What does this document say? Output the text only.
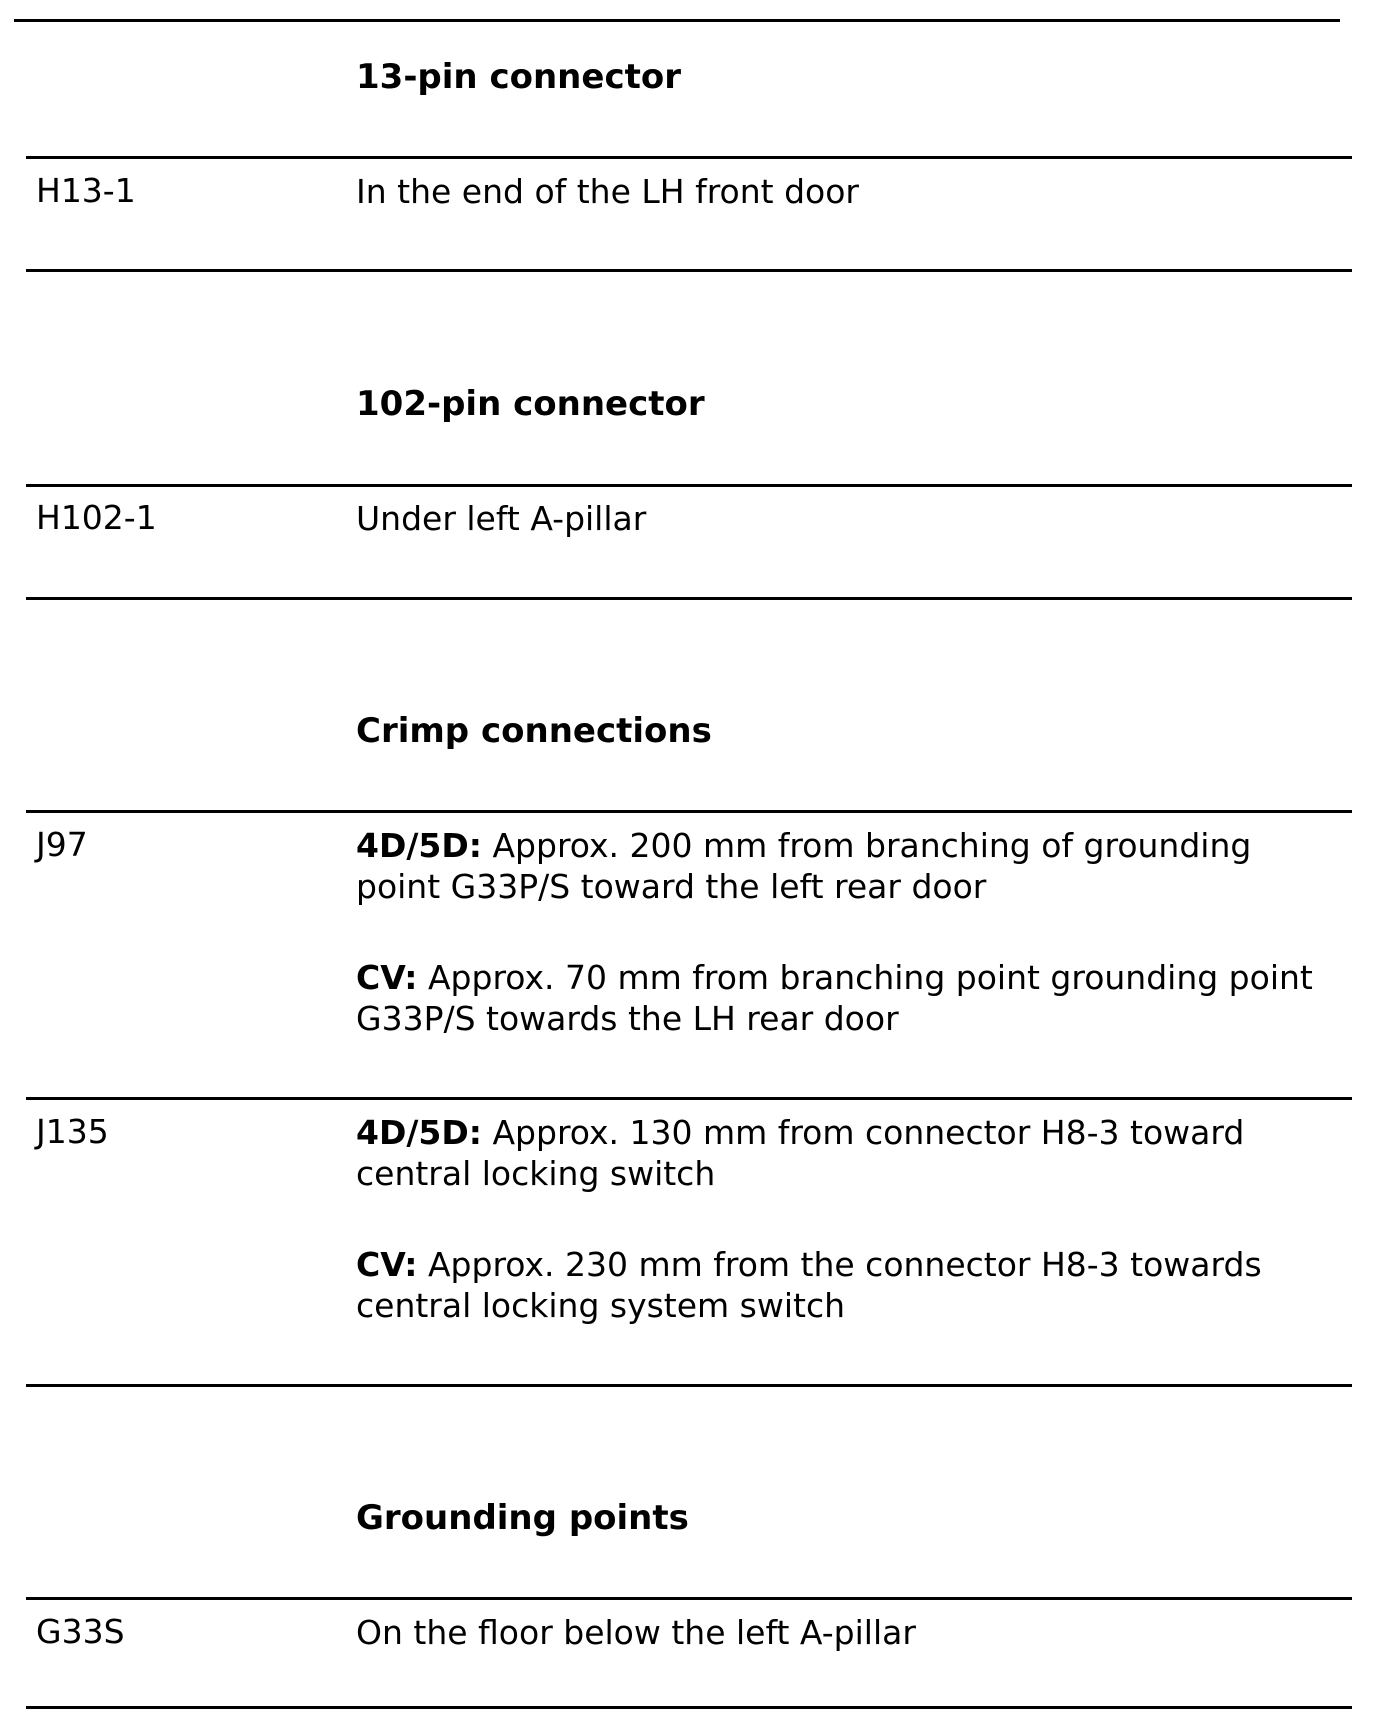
13-pin connector
H13-1	In the end of the LH front door
102-pin connector
H102-1	Under left A-pillar
Crimp connections
J97	4D/5D: Approx. 200 mm from branching of grounding point G33P/S toward the left rear door

CV: Approx. 70 mm from branching point grounding point G33P/S towards the LH rear door

J135	4D/5D: Approx. 130 mm from connector H8-3 toward central locking switch

CV: Approx. 230 mm from the connector H8-3 towards central locking system switch

Grounding points
G33S	On the floor below the left A-pillar
